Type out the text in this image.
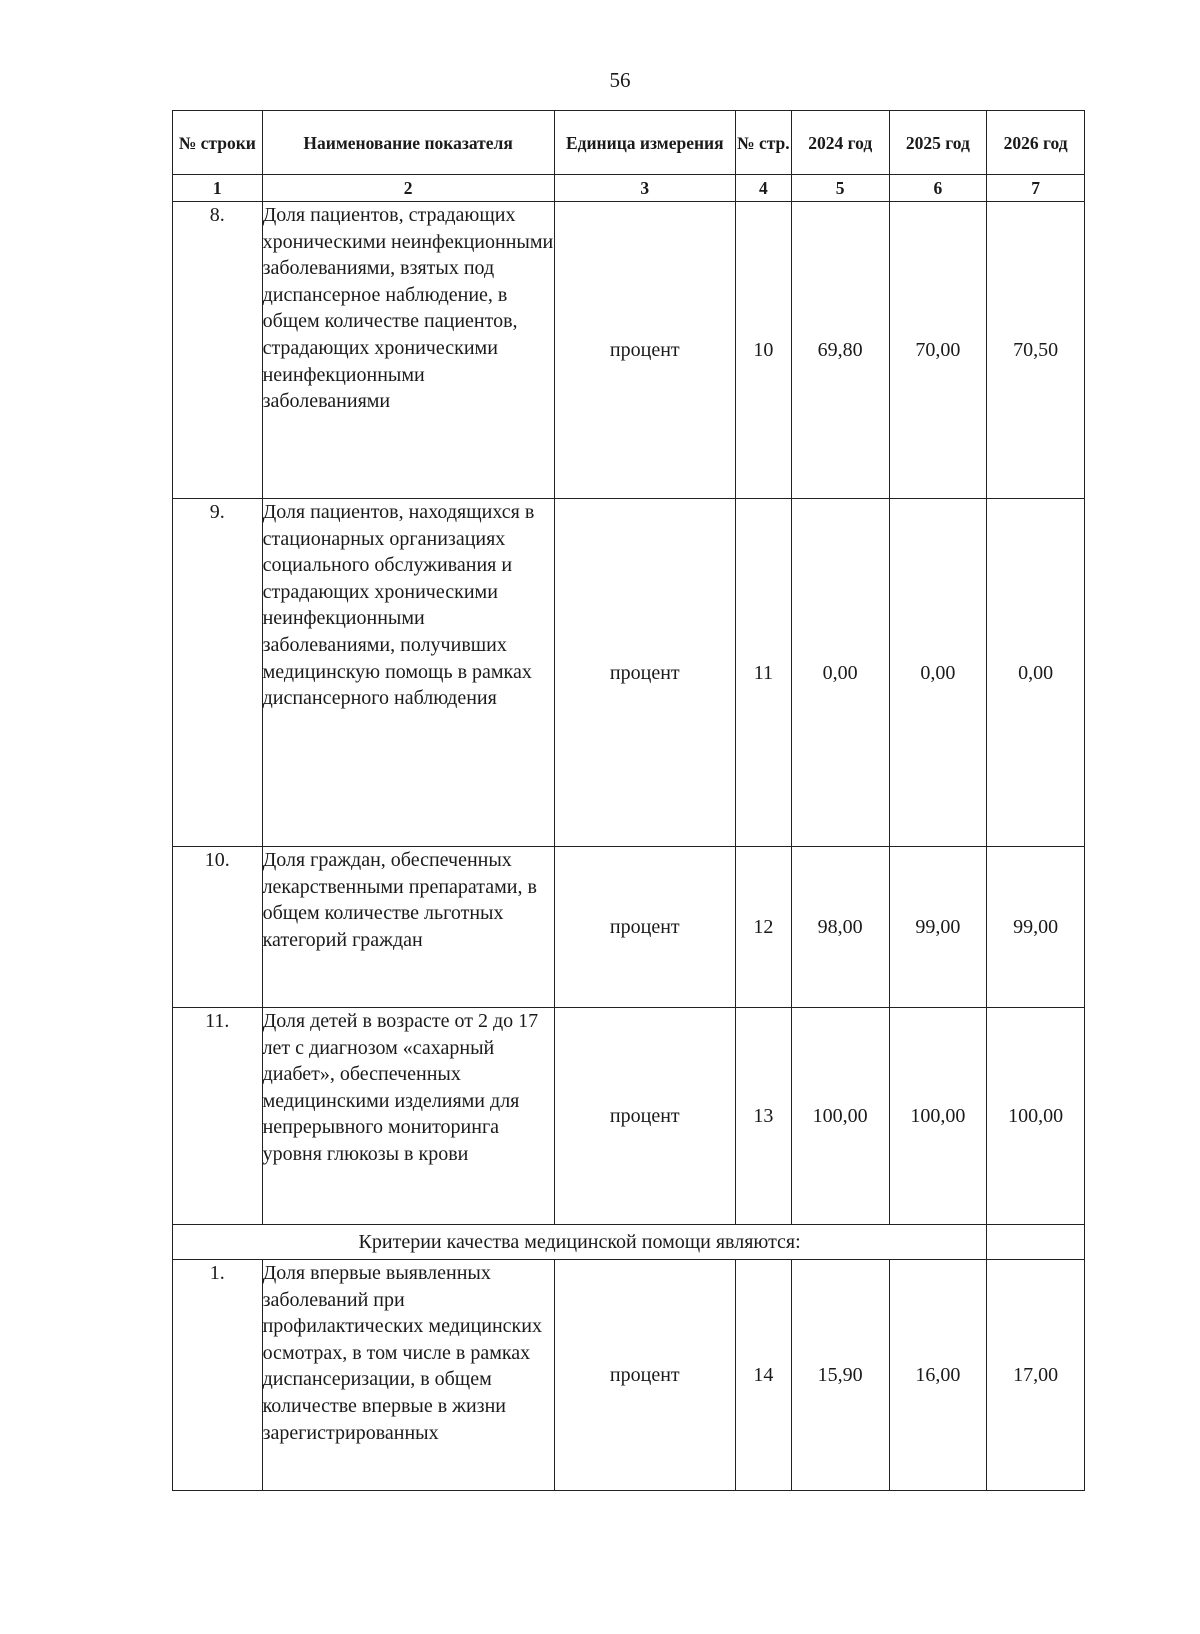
56
№ строки	Наименование показателя	Единица измерения	№ стр.	2024 год	2025 год	2026 год
1	2	3	4	5	6	7
8.	Доля пациентов, страдающих хроническими неинфекционными заболеваниями, взятых под диспансерное наблюдение, в общем количестве пациентов, страдающих хроническими неинфекционными заболеваниями	процент	10	69,80	70,00	70,50
9.	Доля пациентов, находящихся в стационарных организациях социального обслуживания и страдающих хроническими неинфекционными заболеваниями, получивших медицинскую помощь в рамках диспансерного наблюдения	процент	11	0,00	0,00	0,00
10.	Доля граждан, обеспеченных лекарственными препаратами, в общем количестве льготных категорий граждан	процент	12	98,00	99,00	99,00
11.	Доля детей в возрасте от 2 до 17 лет с диагнозом «сахарный диабет», обеспеченных медицинскими изделиями для непрерывного мониторинга уровня глюкозы в крови	процент	13	100,00	100,00	100,00
Критерии качества медицинской помощи являются:						
1.	Доля впервые выявленных заболеваний при профилактических медицинских осмотрах, в том числе в рамках диспансеризации, в общем количестве впервые в жизни зарегистрированных	процент	14	15,90	16,00	17,00
